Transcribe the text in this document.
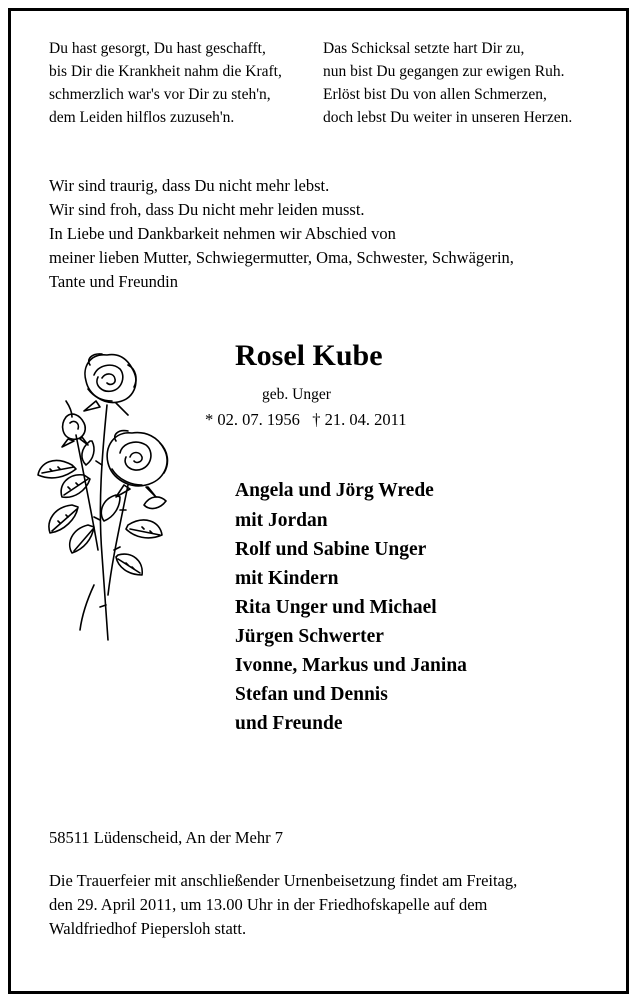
Du hast gesorgt, Du hast geschafft,
bis Dir die Krankheit nahm die Kraft,
schmerzlich war's vor Dir zu steh'n,
dem Leiden hilflos zuzuseh'n.
Das Schicksal setzte hart Dir zu,
nun bist Du gegangen zur ewigen Ruh.
Erlöst bist Du von allen Schmerzen,
doch lebst Du weiter in unseren Herzen.
Wir sind traurig, dass Du nicht mehr lebst.
Wir sind froh, dass Du nicht mehr leiden musst.
In Liebe und Dankbarkeit nehmen wir Abschied von
meiner lieben Mutter, Schwiegermutter, Oma, Schwester, Schwägerin,
Tante und Freundin
Rosel Kube
geb. Unger
* 02. 07. 1956   † 21. 04. 2011
Angela und Jörg Wrede
mit Jordan
Rolf und Sabine Unger
mit Kindern
Rita Unger und Michael
Jürgen Schwerter
Ivonne, Markus und Janina
Stefan und Dennis
und Freunde
58511 Lüdenscheid, An der Mehr 7
Die Trauerfeier mit anschließender Urnenbeisetzung findet am Freitag,
den 29. April 2011, um 13.00 Uhr in der Friedhofskapelle auf dem
Waldfriedhof Piepersloh statt.
